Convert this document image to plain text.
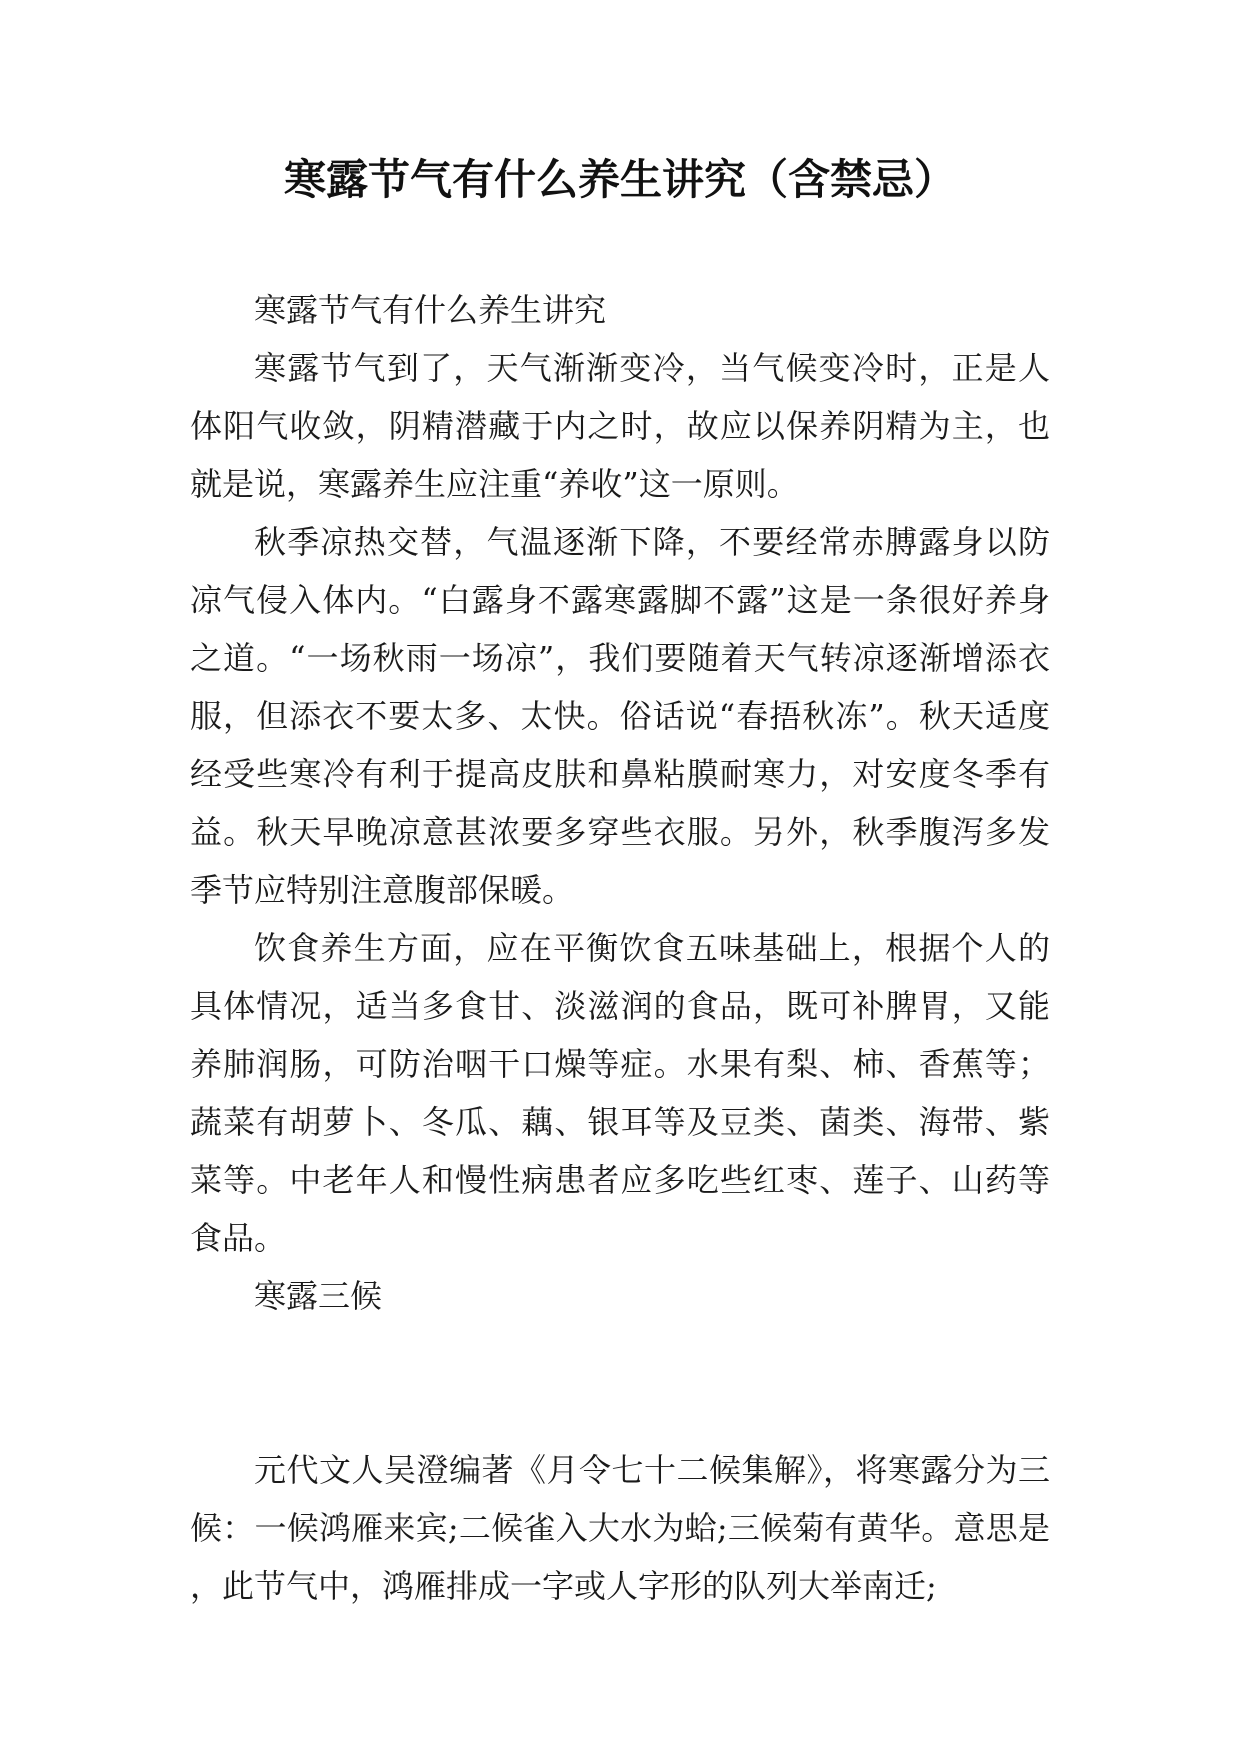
寒露节气有什么养生讲究（含禁忌）

寒露节气有什么养生讲究

寒露节气到了，天气渐渐变冷，当气候变冷时，正是人体阳气收敛，阴精潜藏于内之时，故应以保养阴精为主，也就是说，寒露养生应注重“养收”这一原则。

秋季凉热交替，气温逐渐下降，不要经常赤膊露身以防凉气侵入体内。“白露身不露寒露脚不露”这是一条很好养身之道。“一场秋雨一场凉”，我们要随着天气转凉逐渐增添衣服，但添衣不要太多、太快。俗话说“春捂秋冻”。秋天适度经受些寒冷有利于提高皮肤和鼻粘膜耐寒力，对安度冬季有益。秋天早晚凉意甚浓要多穿些衣服。另外，秋季腹泻多发季节应特别注意腹部保暖。

饮食养生方面，应在平衡饮食五味基础上，根据个人的具体情况，适当多食甘、淡滋润的食品，既可补脾胃，又能养肺润肠，可防治咽干口燥等症。水果有梨、柿、香蕉等；蔬菜有胡萝卜、冬瓜、藕、银耳等及豆类、菌类、海带、紫菜等。中老年人和慢性病患者应多吃些红枣、莲子、山药等食品。

寒露三候

元代文人吴澄编著《月令七十二候集解》，将寒露分为三候：一候鸿雁来宾;二候雀入大水为蛤;三候菊有黄华。意思是，此节气中，鸿雁排成一字或人字形的队列大举南迁;
